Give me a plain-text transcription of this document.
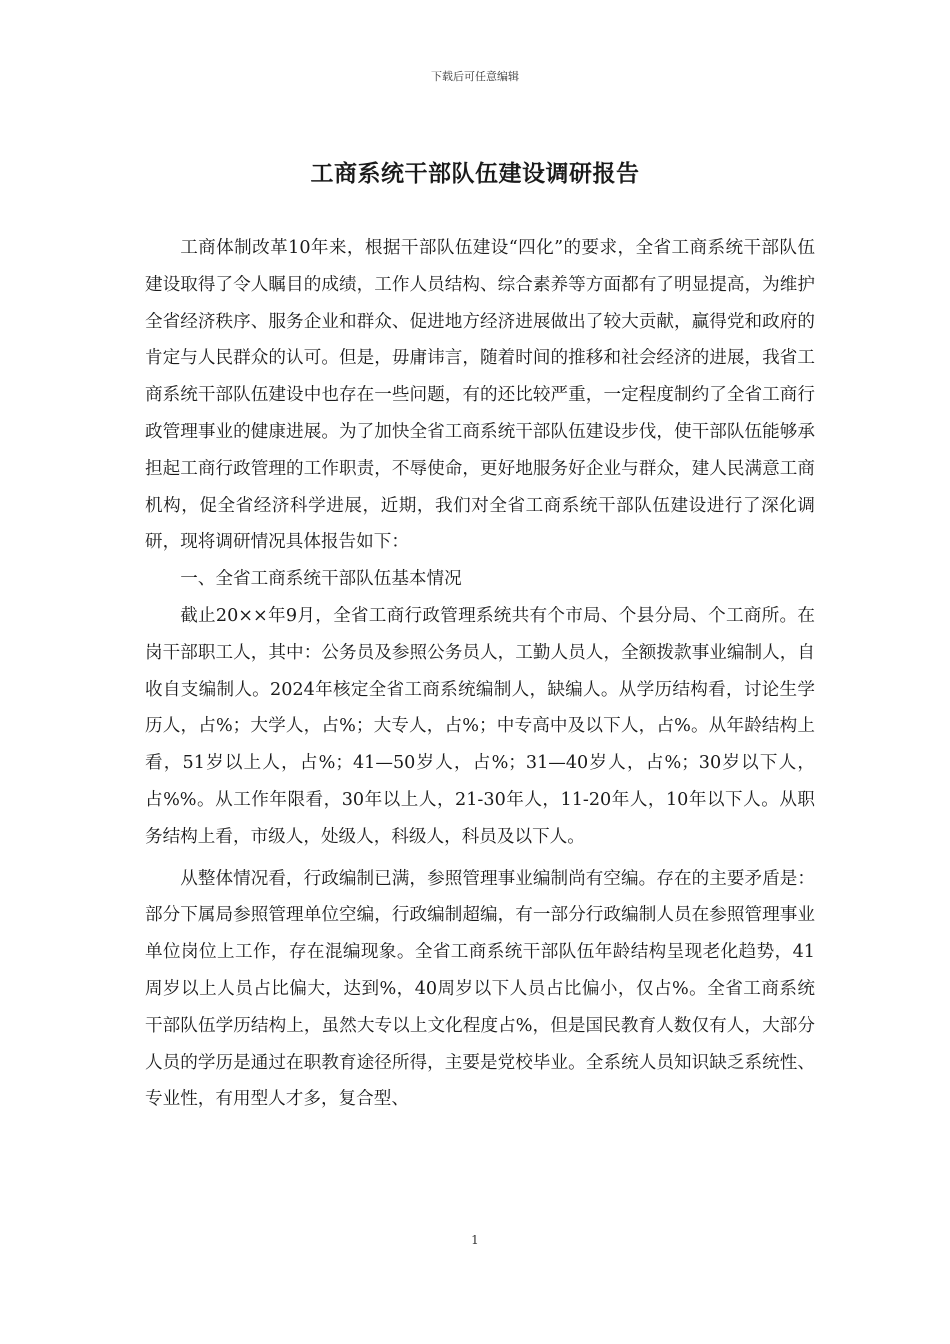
下载后可任意编辑
工商系统干部队伍建设调研报告

工商体制改革10年来，根据干部队伍建设“四化”的要求，全省工商系统干部队伍建设取得了令人瞩目的成绩，工作人员结构、综合素养等方面都有了明显提高，为维护全省经济秩序、服务企业和群众、促进地方经济进展做出了较大贡献，赢得党和政府的肯定与人民群众的认可。但是，毋庸讳言，随着时间的推移和社会经济的进展，我省工商系统干部队伍建设中也存在一些问题，有的还比较严重，一定程度制约了全省工商行政管理事业的健康进展。为了加快全省工商系统干部队伍建设步伐，使干部队伍能够承担起工商行政管理的工作职责，不辱使命，更好地服务好企业与群众，建人民满意工商机构，促全省经济科学进展，近期，我们对全省工商系统干部队伍建设进行了深化调研，现将调研情况具体报告如下：

一、全省工商系统干部队伍基本情况

截止20××年9月，全省工商行政管理系统共有个市局、个县分局、个工商所。在岗干部职工人，其中：公务员及参照公务员人，工勤人员人，全额拨款事业编制人，自收自支编制人。2024年核定全省工商系统编制人，缺编人。从学历结构看，讨论生学历人，占%；大学人，占%；大专人，占%；中专高中及以下人，占%。从年龄结构上看，51岁以上人，占%；41—50岁人，占%；31—40岁人，占%；30岁以下人，占%%。从工作年限看，30年以上人，21-30年人，11-20年人，10年以下人。从职务结构上看，市级人，处级人，科级人，科员及以下人。

从整体情况看，行政编制已满，参照管理事业编制尚有空编。存在的主要矛盾是：部分下属局参照管理单位空编，行政编制超编，有一部分行政编制人员在参照管理事业单位岗位上工作，存在混编现象。全省工商系统干部队伍年龄结构呈现老化趋势，41周岁以上人员占比偏大，达到%，40周岁以下人员占比偏小，仅占%。全省工商系统干部队伍学历结构上，虽然大专以上文化程度占%，但是国民教育人数仅有人，大部分人员的学历是通过在职教育途径所得，主要是党校毕业。全系统人员知识缺乏系统性、专业性，有用型人才多，复合型、

1
